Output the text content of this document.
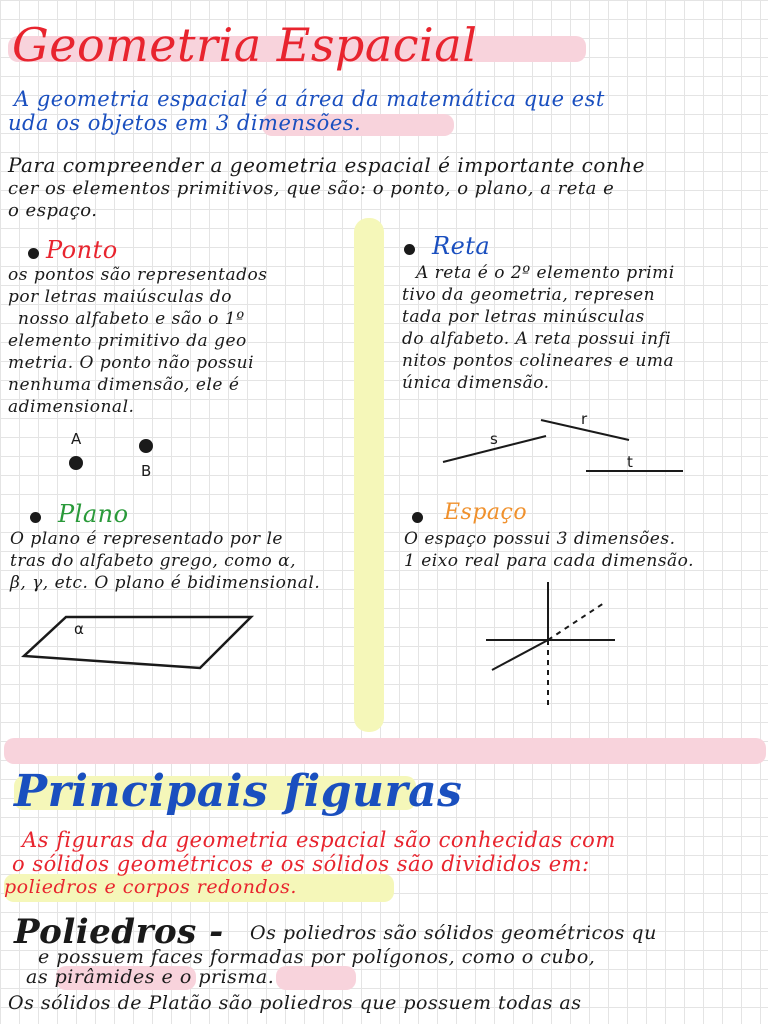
Geometria Espacial
A geometria espacial é a área da matemática que est
uda os objetos em 3 dimensões.
Para compreender a geometria espacial é importante conhe
cer os elementos primitivos, que são: o ponto, o plano, a reta e
o espaço.
Ponto
os pontos são representados
por letras maiúsculas do
nosso alfabeto e são o 1º
elemento primitivo da geo
metria. O ponto não possui
nenhuma dimensão, ele é
adimensional.
A
B
Reta
A reta é o 2º elemento primi
tivo da geometria, represen
tada por letras minúsculas
do alfabeto. A reta possui infi
nitos pontos colineares e uma
única dimensão.
s
r
t
Plano
O plano é representado por le
tras do alfabeto grego, como α,
β, γ, etc. O plano é bidimensional.
α
Espaço
O espaço possui 3 dimensões.
1 eixo real para cada dimensão.
Principais figuras
As figuras da geometria espacial são conhecidas com
o sólidos geométricos e os sólidos são divididos em:
poliedros e corpos redondos.
Poliedros - Os poliedros são sólidos geométricos qu
e possuem faces formadas por polígonos, como o cubo,
as pirâmides e o prisma.
Os sólidos de Platão são poliedros que possuem todas as
